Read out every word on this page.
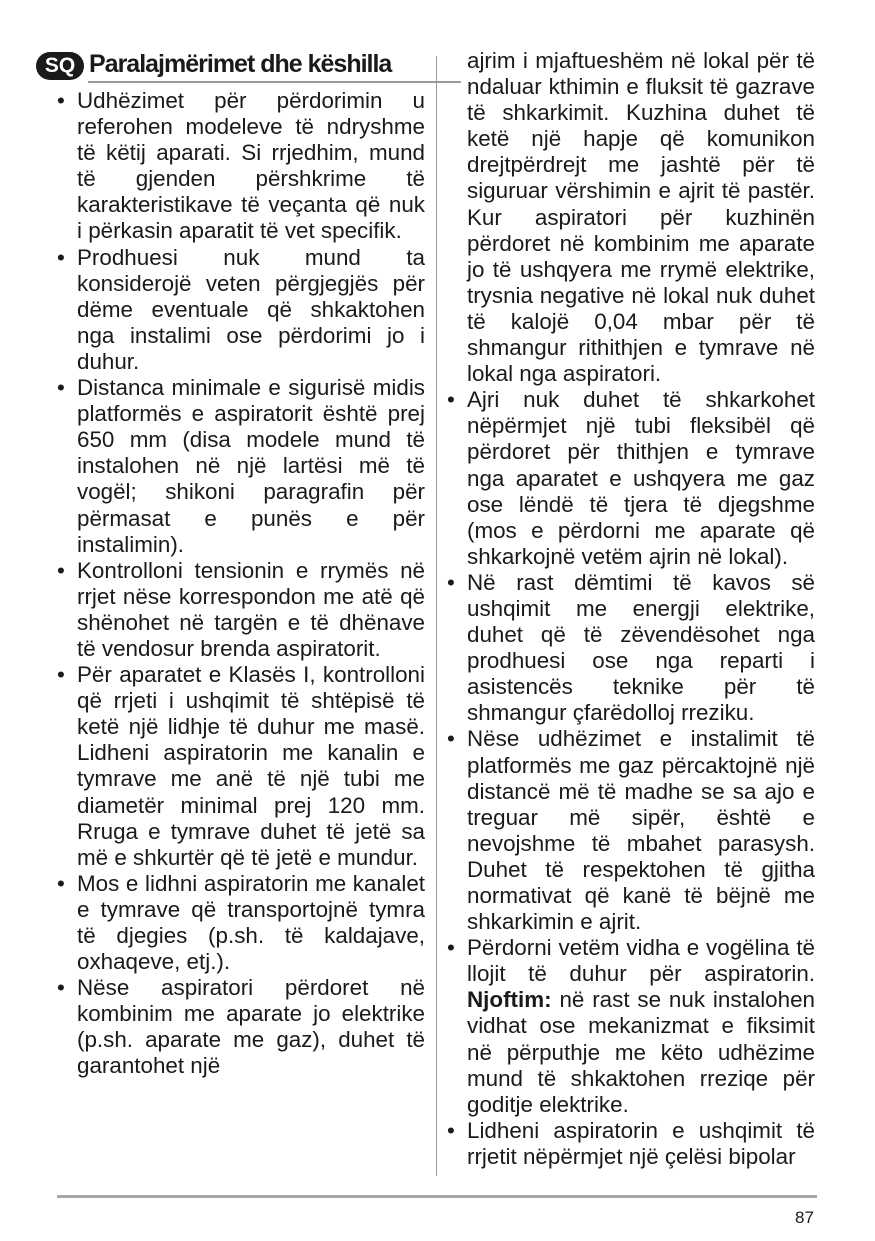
SQ Paralajmërimet dhe këshilla
• Udhëzimet për përdorimin u referohen modeleve të ndryshme të këtij aparati. Si rrjedhim, mund të gjenden përshkrime të karakteristikave të veçanta që nuk i përkasin aparatit të vet specifik.
• Prodhuesi nuk mund ta konsiderojë veten përgjegjës për dëme eventuale që shkaktohen nga instalimi ose përdorimi jo i duhur.
• Distanca minimale e sigurisë midis platformës e aspiratorit është prej 650 mm (disa modele mund të instalohen në një lartësi më të vogël; shikoni paragrafin për përmasat e punës e për instalimin).
• Kontrolloni tensionin e rrymës në rrjet nëse korrespondon me atë që shënohet në targën e të dhënave të vendosur brenda aspiratorit.
• Për aparatet e Klasës I, kontrolloni që rrjeti i ushqimit të shtëpisë të ketë një lidhje të duhur me masë. Lidheni aspiratorin me kanalin e tymrave me anë të një tubi me diametër minimal prej 120 mm. Rruga e tymrave duhet të jetë sa më e shkurtër që të jetë e mundur.
• Mos e lidhni aspiratorin me kanalet e tymrave që transportojnë tymra të djegies (p.sh. të kaldajave, oxhaqeve, etj.).
• Nëse aspiratori përdoret në kombinim me aparate jo elektrike (p.sh. aparate me gaz), duhet të garantohet një
ajrim i mjaftueshëm në lokal për të ndaluar kthimin e fluksit të gazrave të shkarkimit. Kuzhina duhet të ketë një hapje që komunikon drejtpërdrejt me jashtë për të siguruar vërshimin e ajrit të pastër. Kur aspiratori për kuzhinën përdoret në kombinim me aparate jo të ushqyera me rrymë elektrike, trysnia negative në lokal nuk duhet të kalojë 0,04 mbar për të shmangur rithithjen e tymrave në lokal nga aspiratori.
• Ajri nuk duhet të shkarkohet nëpërmjet një tubi fleksibël që përdoret për thithjen e tymrave nga aparatet e ushqyera me gaz ose lëndë të tjera të djegshme (mos e përdorni me aparate që shkarkojnë vetëm ajrin në lokal).
• Në rast dëmtimi të kavos së ushqimit me energji elektrike, duhet që të zëvendësohet nga prodhuesi ose nga reparti i asistencës teknike për të shmangur çfarëdolloj rreziku.
• Nëse udhëzimet e instalimit të platformës me gaz përcaktojnë një distancë më të madhe se sa ajo e treguar më sipër, është e nevojshme të mbahet parasysh. Duhet të respektohen të gjitha normativat që kanë të bëjnë me shkarkimin e ajrit.
• Përdorni vetëm vidha e vogëlina të llojit të duhur për aspiratorin. Njoftim: në rast se nuk instalohen vidhat ose mekanizmat e fiksimit në përputhje me këto udhëzime mund të shkaktohen rreziqe për goditje elektrike.
• Lidheni aspiratorin e ushqimit të rrjetit nëpërmjet një çelësi bipolar
87
